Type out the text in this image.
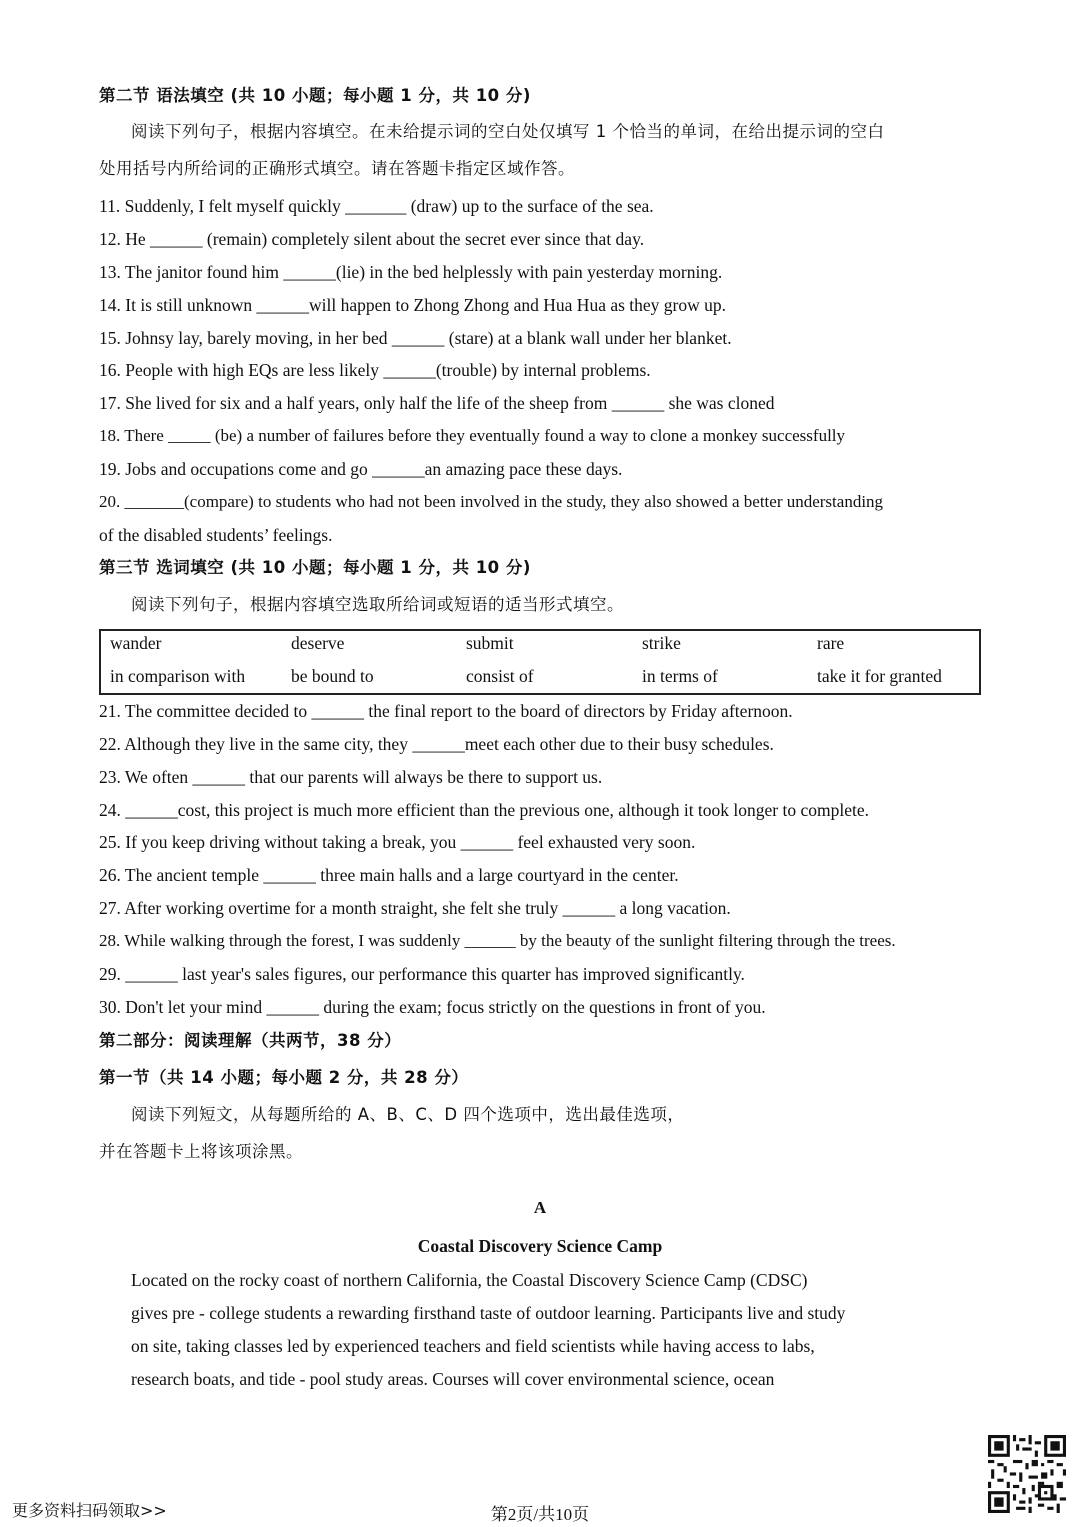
第二节 语法填空 (共 10 小题；每小题 1 分，共 10 分)
阅读下列句子，根据内容填空。在未给提示词的空白处仅填写 1 个恰当的单词，在给出提示词的空白
处用括号内所给词的正确形式填空。请在答题卡指定区域作答。
11. Suddenly, I felt myself quickly _______ (draw) up to the surface of the sea.
12. He ______ (remain) completely silent about the secret ever since that day.
13. The janitor found him ______(lie) in the bed helplessly with pain yesterday morning.
14. It is still unknown ______will happen to Zhong Zhong and Hua Hua as they grow up.
15. Johnsy lay, barely moving, in her bed ______ (stare) at a blank wall under her blanket.
16. People with high EQs are less likely ______(trouble) by internal problems.
17. She lived for six and a half years, only half the life of the sheep from ______ she was cloned
18. There _____ (be) a number of failures before they eventually found a way to clone a monkey successfully
19. Jobs and occupations come and go ______an amazing pace these days.
20. _______(compare) to students who had not been involved in the study, they also showed a better understanding
of the disabled students’ feelings.
第三节 选词填空 (共 10 小题；每小题 1 分，共 10 分)
阅读下列句子，根据内容填空选取所给词或短语的适当形式填空。
wander	deserve	submit	strike	rare
in comparison with	be bound to	consist of	in terms of	take it for granted
21. The committee decided to ______ the final report to the board of directors by Friday afternoon.
22. Although they live in the same city, they ______meet each other due to their busy schedules.
23. We often ______ that our parents will always be there to support us.
24. ______cost, this project is much more efficient than the previous one, although it took longer to complete.
25. If you keep driving without taking a break, you ______ feel exhausted very soon.
26. The ancient temple ______ three main halls and a large courtyard in the center.
27. After working overtime for a month straight, she felt she truly ______ a long vacation.
28. While walking through the forest, I was suddenly ______ by the beauty of the sunlight filtering through the trees.
29. ______ last year's sales figures, our performance this quarter has improved significantly.
30. Don't let your mind ______ during the exam; focus strictly on the questions in front of you.
第二部分：阅读理解（共两节，38 分）
第一节（共 14 小题；每小题 2 分，共 28 分）
阅读下列短文，从每题所给的 A、B、C、D 四个选项中，选出最佳选项，
并在答题卡上将该项涂黑。
A
Coastal Discovery Science Camp
Located on the rocky coast of northern California, the Coastal Discovery Science Camp (CDSC)
gives pre - college students a rewarding firsthand taste of outdoor learning. Participants live and study
on site, taking classes led by experienced teachers and field scientists while having access to labs,
research boats, and tide - pool study areas. Courses will cover environmental science, ocean
更多资料扫码领取>>	第2页/共10页
